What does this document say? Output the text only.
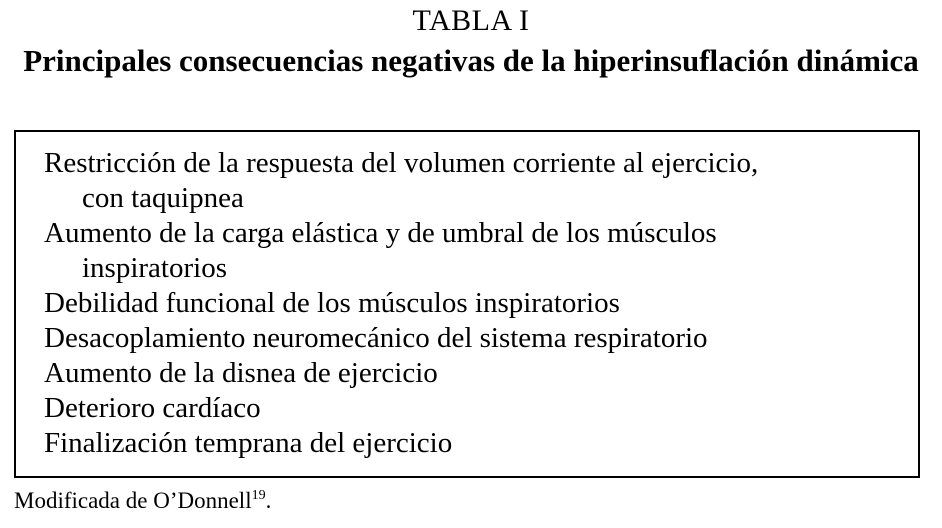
TABLA I
Principales consecuencias negativas de la hiperinsuflación dinámica
Restricción de la respuesta del volumen corriente al ejercicio,
con taquipnea
Aumento de la carga elástica y de umbral de los músculos
inspiratorios
Debilidad funcional de los músculos inspiratorios
Desacoplamiento neuromecánico del sistema respiratorio
Aumento de la disnea de ejercicio
Deterioro cardíaco
Finalización temprana del ejercicio
Modificada de O’Donnell$^{19}$.
